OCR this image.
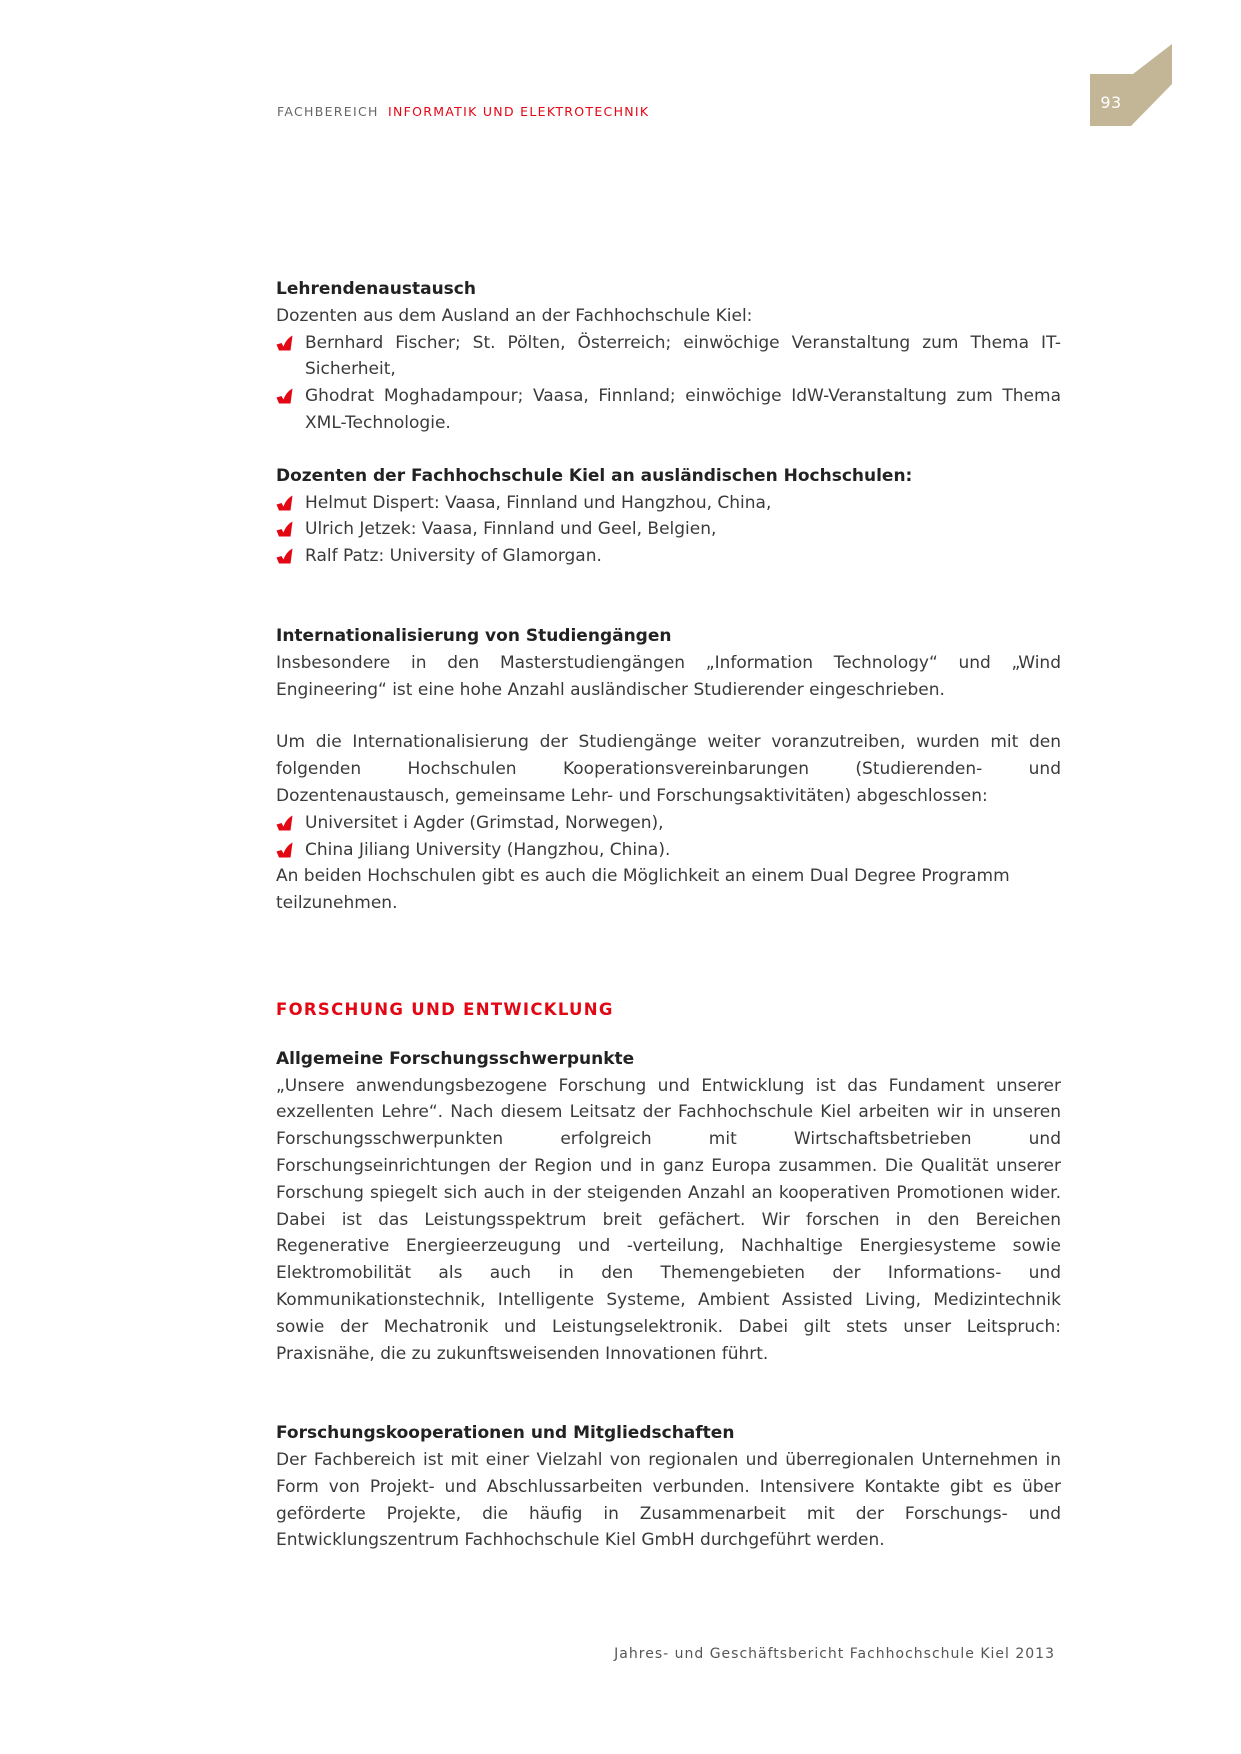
FACHBEREICH INFORMATIK UND ELEKTROTECHNIK	93

Lehrendenaustausch

Dozenten aus dem Ausland an der Fachhochschule Kiel:

Bernhard Fischer; St. Pölten, Österreich; einwöchige Veranstaltung zum Thema IT-Sicherheit,
Ghodrat Moghadampour; Vaasa, Finnland; einwöchige IdW-Veranstaltung zum Thema XML-Technologie.

Dozenten der Fachhochschule Kiel an ausländischen Hochschulen:

Helmut Dispert: Vaasa, Finnland und Hangzhou, China,
Ulrich Jetzek: Vaasa, Finnland und Geel, Belgien,
Ralf Patz: University of Glamorgan.

Internationalisierung von Studiengängen

Insbesondere in den Masterstudiengängen „Information Technology“ und „Wind Engineering“ ist eine hohe Anzahl ausländischer Studierender eingeschrieben.

Um die Internationalisierung der Studiengänge weiter voranzutreiben, wurden mit den folgenden Hochschulen Kooperationsvereinbarungen (Studierenden- und Dozentenaustausch, gemeinsame Lehr- und Forschungsaktivitäten) abgeschlossen:

Universitet i Agder (Grimstad, Norwegen),
China Jiliang University (Hangzhou, China).

An beiden Hochschulen gibt es auch die Möglichkeit an einem Dual Degree Programm teilzunehmen.

FORSCHUNG UND ENTWICKLUNG

Allgemeine Forschungsschwerpunkte

„Unsere anwendungsbezogene Forschung und Entwicklung ist das Fundament unserer exzellenten Lehre“. Nach diesem Leitsatz der Fachhochschule Kiel arbeiten wir in unseren Forschungsschwerpunkten erfolgreich mit Wirtschaftsbetrieben und Forschungseinrichtungen der Region und in ganz Europa zusammen. Die Qualität unserer Forschung spiegelt sich auch in der steigenden Anzahl an kooperativen Promotionen wider. Dabei ist das Leistungsspektrum breit gefächert. Wir forschen in den Bereichen Regenerative Energieerzeugung und -verteilung, Nachhaltige Energiesysteme sowie Elektromobilität als auch in den Themengebieten der Informations- und Kommunikationstechnik, Intelligente Systeme, Ambient Assisted Living, Medizintechnik sowie der Mechatronik und Leistungselektronik. Dabei gilt stets unser Leitspruch: Praxisnähe, die zu zukunftsweisenden Innovationen führt.

Forschungskooperationen und Mitgliedschaften

Der Fachbereich ist mit einer Vielzahl von regionalen und überregionalen Unternehmen in Form von Projekt- und Abschlussarbeiten verbunden. Intensivere Kontakte gibt es über geförderte Projekte, die häufig in Zusammenarbeit mit der Forschungs- und Entwicklungszentrum Fachhochschule Kiel GmbH durchgeführt werden.

Jahres- und Geschäftsbericht Fachhochschule Kiel 2013
